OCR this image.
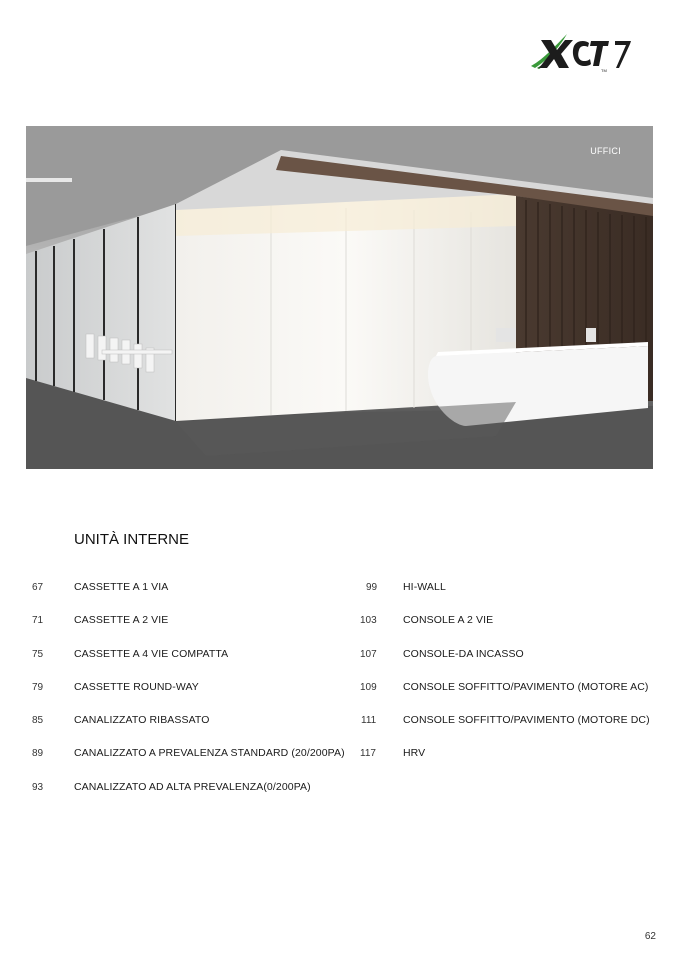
TM
UFFICI
UNITÀ INTERNE
67	CASSETTE A 1 VIA
71	CASSETTE A 2 VIE
75	CASSETTE A 4 VIE COMPATTA
79	CASSETTE ROUND-WAY
85	CANALIZZATO RIBASSATO
89	CANALIZZATO A PREVALENZA STANDARD (20/200PA)
93	CANALIZZATO AD ALTA PREVALENZA(0/200PA)
99 HI-WALL
103	CONSOLE A 2 VIE
107	CONSOLE-DA INCASSO
109	CONSOLE SOFFITTO/PAVIMENTO (MOTORE AC)
111	CONSOLE SOFFITTO/PAVIMENTO (MOTORE DC)
117	HRV
62
